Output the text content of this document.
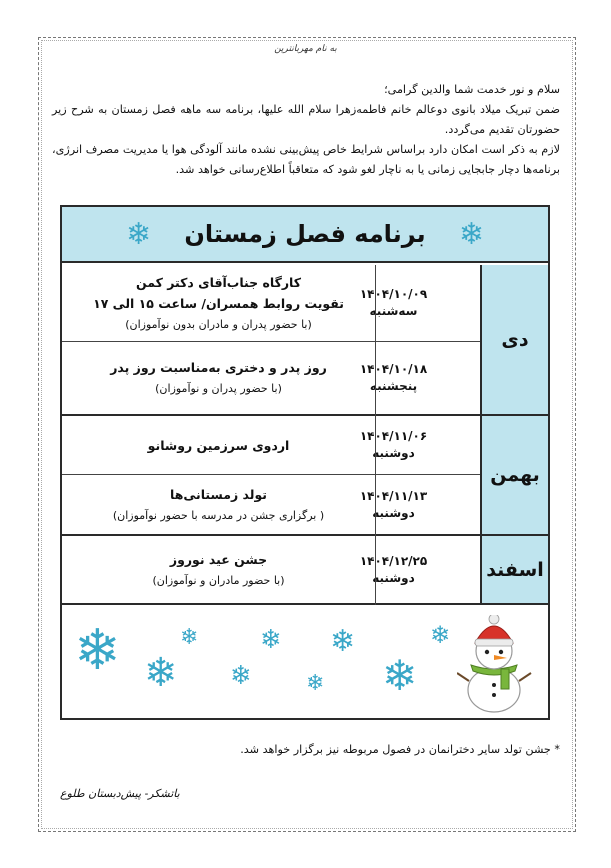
به نام مهربانترین

سلام و نور خدمت شما والدین گرامی؛

ضمن تبریک میلاد بانوی دوعالم خانم فاطمه‌زهرا سلام الله علیها، برنامه سه ماهه فصل زمستان به شرح زیر حضورتان تقدیم می‌گردد.

لازم به ذکر است امکان دارد براساس شرایط خاص پیش‌بینی نشده مانند آلودگی هوا یا مدیریت مصرف انرژی، برنامه‌ها دچار جابجایی زمانی یا به ناچار لغو شود که متعاقباً اطلاع‌رسانی خواهد شد.

❄
برنامه فصل زمستان
❄
دی
۱۴۰۴/۱۰/۰۹
سه‌شنبه
کارگاه جناب‌آقای دکتر کمن
تقویت روابط همسران/ ساعت ۱۵ الی ۱۷
(با حضور پدران و مادران بدون نوآموزان)
۱۴۰۴/۱۰/۱۸
پنجشنبه
روز پدر و دختری به‌مناسبت روز پدر
(با حضور پدران و نوآموزان)
بهمن
۱۴۰۴/۱۱/۰۶
دوشنبه
اردوی سرزمین روشانو
۱۴۰۴/۱۱/۱۳
دوشنبه
تولد زمستانی‌ها
( برگزاری جشن در مدرسه با حضور نوآموزان)
اسفند
۱۴۰۴/۱۲/۲۵
دوشنبه
جشن عید نوروز
(با حضور مادران و نوآموزان)
❄ ❄
❄
❄
❄
❄
❄
❄
❄
* جشن تولد سایر دخترانمان در فصول مربوطه نیز برگزار خواهد شد.
باتشکر- پیش‌دبستان طلوع
